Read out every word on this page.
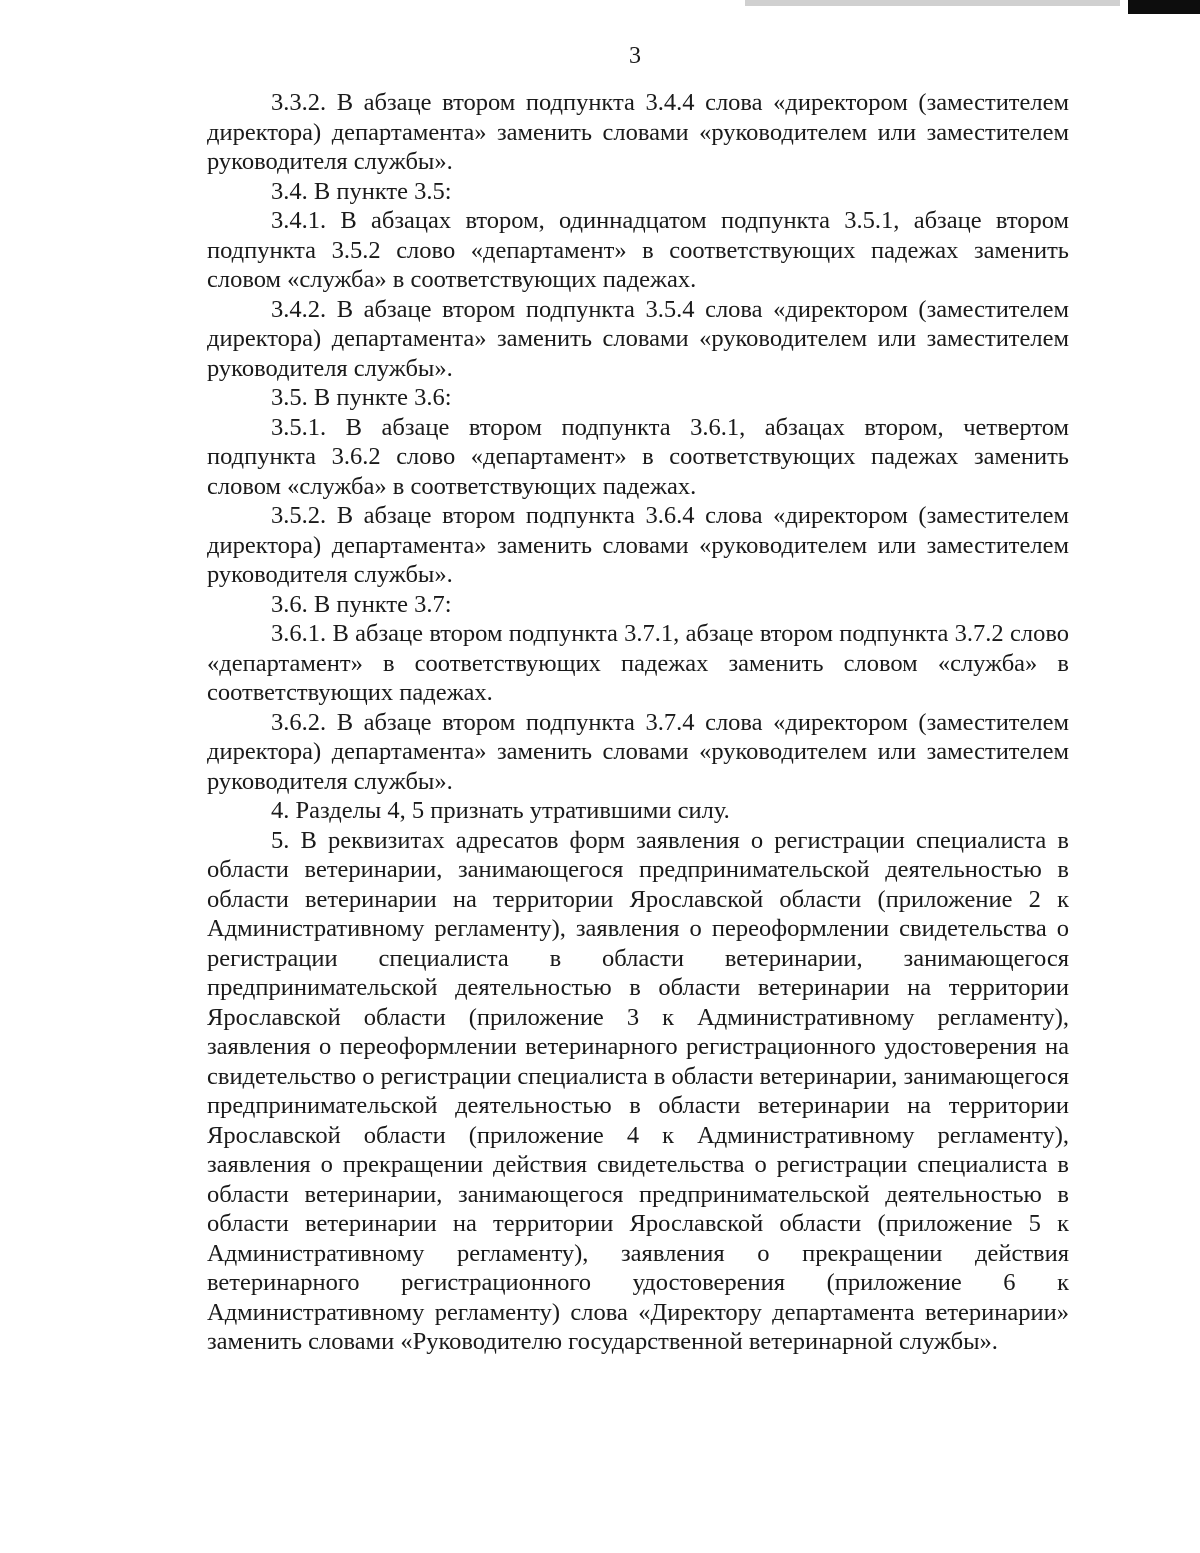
3

3.3.2. В абзаце втором подпункта 3.4.4 слова «директором (заместителем директора) департамента» заменить словами «руководителем или заместителем руководителя службы».

3.4. В пункте 3.5:

3.4.1. В абзацах втором, одиннадцатом подпункта 3.5.1, абзаце втором подпункта 3.5.2 слово «департамент» в соответствующих падежах заменить словом «служба» в соответствующих падежах.

3.4.2. В абзаце втором подпункта 3.5.4 слова «директором (заместителем директора) департамента» заменить словами «руководителем или заместителем руководителя службы».

3.5. В пункте 3.6:

3.5.1. В абзаце втором подпункта 3.6.1, абзацах втором, четвертом подпункта 3.6.2 слово «департамент» в соответствующих падежах заменить словом «служба» в соответствующих падежах.

3.5.2. В абзаце втором подпункта 3.6.4 слова «директором (заместителем директора) департамента» заменить словами «руководителем или заместителем руководителя службы».

3.6. В пункте 3.7:

3.6.1. В абзаце втором подпункта 3.7.1, абзаце втором подпункта 3.7.2 слово «департамент» в соответствующих падежах заменить словом «служба» в соответствующих падежах.

3.6.2. В абзаце втором подпункта 3.7.4 слова «директором (заместителем директора) департамента» заменить словами «руководителем или заместителем руководителя службы».

4. Разделы 4, 5 признать утратившими силу.

5. В реквизитах адресатов форм заявления о регистрации специалиста в области ветеринарии, занимающегося предпринимательской деятельностью в области ветеринарии на территории Ярославской области (приложение 2 к Административному регламенту), заявления о переоформлении свидетельства о регистрации специалиста в области ветеринарии, занимающегося предпринимательской деятельностью в области ветеринарии на территории Ярославской области (приложение 3 к Административному регламенту), заявления о переоформлении ветеринарного регистрационного удостоверения на свидетельство о регистрации специалиста в области ветеринарии, занимающегося предпринимательской деятельностью в области ветеринарии на территории Ярославской области (приложение 4 к Административному регламенту), заявления о прекращении действия свидетельства о регистрации специалиста в области ветеринарии, занимающегося предпринимательской деятельностью в области ветеринарии на территории Ярославской области (приложение 5 к Административному регламенту), заявления о прекращении действия ветеринарного регистрационного удостоверения (приложение 6 к Административному регламенту) слова «Директору департамента ветеринарии» заменить словами «Руководителю государственной ветеринарной службы».
